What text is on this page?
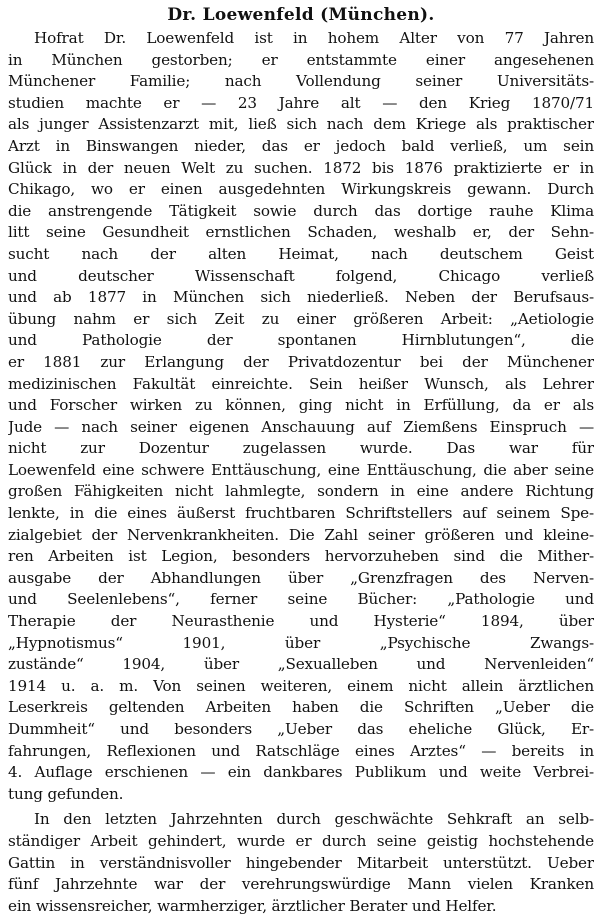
Dr. Loewenfeld (München).
Hofrat Dr. Loewenfeld ist in hohem Alter von 77 Jahren
in München gestorben; er entstammte einer angesehenen
Münchener Familie; nach Vollendung seiner Universitäts-
studien machte er — 23 Jahre alt — den Krieg 1870/71
als junger Assistenzarzt mit, ließ sich nach dem Kriege als praktischer
Arzt in Binswangen nieder, das er jedoch bald verließ, um sein
Glück in der neuen Welt zu suchen. 1872 bis 1876 praktizierte er in
Chikago, wo er einen ausgedehnten Wirkungskreis gewann. Durch
die anstrengende Tätigkeit sowie durch das dortige rauhe Klima
litt seine Gesundheit ernstlichen Schaden, weshalb er, der Sehn-
sucht nach der alten Heimat, nach deutschem Geist
und deutscher Wissenschaft folgend, Chicago verließ
und ab 1877 in München sich niederließ. Neben der Berufsaus-
übung nahm er sich Zeit zu einer größeren Arbeit: „Aetiologie
und Pathologie der spontanen Hirnblutungen“, die
er 1881 zur Erlangung der Privatdozentur bei der Münchener
medizinischen Fakultät einreichte. Sein heißer Wunsch, als Lehrer
und Forscher wirken zu können, ging nicht in Erfüllung, da er als
Jude — nach seiner eigenen Anschauung auf Ziemßens Einspruch —
nicht zur Dozentur zugelassen wurde. Das war für
Loewenfeld eine schwere Enttäuschung, eine Enttäuschung, die aber seine
großen Fähigkeiten nicht lahmlegte, sondern in eine andere Richtung
lenkte, in die eines äußerst fruchtbaren Schriftstellers auf seinem Spe-
zialgebiet der Nervenkrankheiten. Die Zahl seiner größeren und kleine-
ren Arbeiten ist Legion, besonders hervorzuheben sind die Mither-
ausgabe der Abhandlungen über „Grenzfragen des Nerven-
und Seelenlebens“, ferner seine Bücher: „Pathologie und
Therapie der Neurasthenie und Hysterie“ 1894, über
„Hypnotismus“ 1901, über „Psychische Zwangs-
zustände“ 1904, über „Sexualleben und Nervenleiden“
1914 u. a. m. Von seinen weiteren, einem nicht allein ärztlichen
Leserkreis geltenden Arbeiten haben die Schriften „Ueber die
Dummheit“ und besonders „Ueber das eheliche Glück, Er-
fahrungen, Reflexionen und Ratschläge eines Arztes“ — bereits in
4. Auflage erschienen — ein dankbares Publikum und weite Verbrei-
tung gefunden.
In den letzten Jahrzehnten durch geschwächte Sehkraft an selb-
ständiger Arbeit gehindert, wurde er durch seine geistig hochstehende
Gattin in verständnisvoller hingebender Mitarbeit unterstützt. Ueber
fünf Jahrzehnte war der verehrungswürdige Mann vielen Kranken
ein wissensreicher, warmherziger, ärztlicher Berater und Helfer.
